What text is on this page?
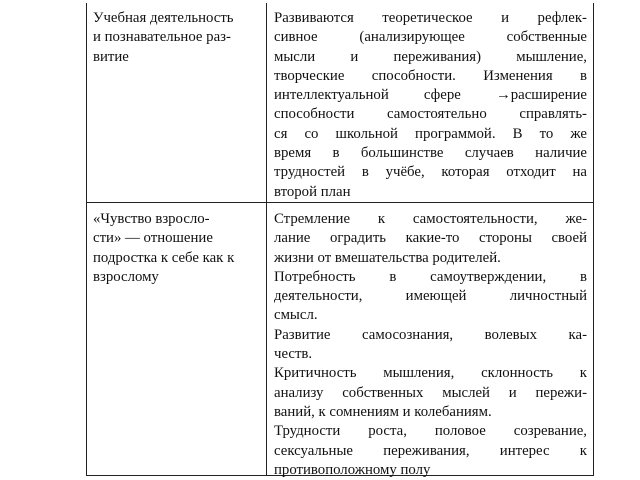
Учебная деятельность
и познавательное раз-
витие
Развиваются теоретическое и рефлек-
сивное (анализирующее собственные
мысли и переживания) мышление,
творческие способности. Изменения в
интеллектуальной сфере →расширение
способности самостоятельно справлять-
ся со школьной программой. В то же
время в большинстве случаев наличие
трудностей в учёбе, которая отходит на
второй план
«Чувство взросло-
сти» — отношение
подростка к себе как к
взрослому
Стремление к самостоятельности, же-
лание оградить какие-то стороны своей
жизни от вмешательства родителей.
Потребность в самоутверждении, в
деятельности, имеющей личностный
смысл.
Развитие самосознания, волевых ка-
честв.
Критичность мышления, склонность к
анализу собственных мыслей и пережи-
ваний, к сомнениям и колебаниям.
Трудности роста, половое созревание,
сексуальные переживания, интерес к
противоположному полу
